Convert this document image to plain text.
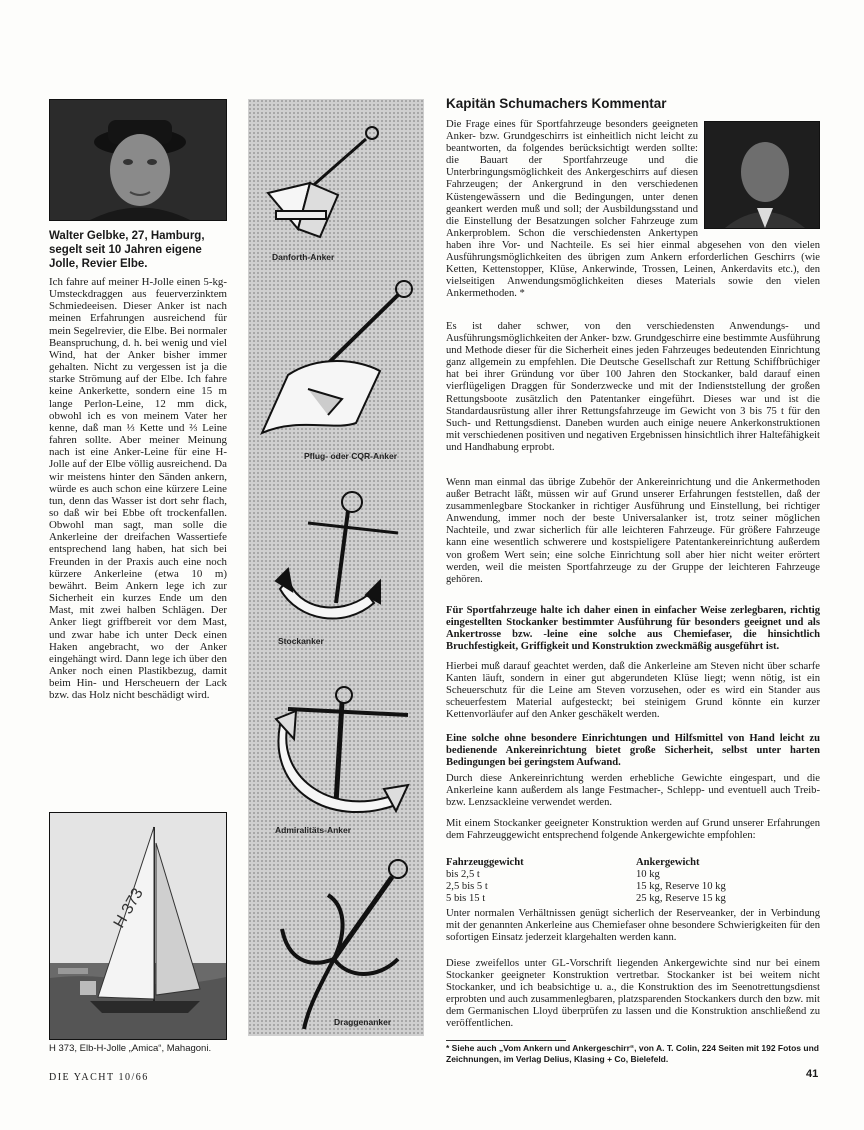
Walter Gelbke, 27, Hamburg, segelt seit 10 Jahren eigene Jolle, Revier Elbe.

Ich fahre auf meiner H-Jolle einen 5-kg-Umsteckdraggen aus feuerverzinktem Schmiedeeisen. Dieser Anker ist nach meinen Erfahrungen ausreichend für mein Segelrevier, die Elbe. Bei normaler Beanspruchung, d. h. bei wenig und viel Wind, hat der Anker bisher immer gehalten. Nicht zu vergessen ist ja die starke Strömung auf der Elbe. Ich fahre keine Ankerkette, sondern eine 15 m lange Perlon-Leine, 12 mm dick, obwohl ich es von meinem Vater her kenne, daß man ⅓ Kette und ⅔ Leine fahren sollte. Aber meiner Meinung nach ist eine Anker-Leine für eine H-Jolle auf der Elbe völlig ausreichend. Da wir meistens hinter den Sänden ankern, würde es auch schon eine kürzere Leine tun, denn das Wasser ist dort sehr flach, so daß wir bei Ebbe oft trockenfallen. Obwohl man sagt, man solle die Ankerleine der dreifachen Wassertiefe entsprechend lang haben, hat sich bei Freunden in der Praxis auch eine noch kürzere Ankerleine (etwa 10 m) bewährt. Beim Ankern lege ich zur Sicherheit ein kurzes Ende um den Mast, mit zwei halben Schlägen. Der Anker liegt griffbereit vor dem Mast, und zwar habe ich unter Deck einen Haken angebracht, wo der Anker eingehängt wird. Dann lege ich über den Anker noch einen Plastikbezug, damit beim Hin- und Herscheuern der Lack bzw. das Holz nicht beschädigt wird.

H 373
H 373, Elb-H-Jolle „Amica“, Mahagoni.
Danforth-Anker
Pflug- oder CQR-Anker
Stockanker
Admiralitäts-Anker
Draggenanker
Kapitän Schumachers Kommentar

Die Frage eines für Sportfahrzeuge besonders geeigneten Anker- bzw. Grundgeschirrs ist einheitlich nicht leicht zu beantworten, da folgendes berücksichtigt werden sollte: die Bauart der Sportfahrzeuge und die Unterbringungsmöglichkeit des Ankergeschirrs auf diesen Fahrzeugen; der Ankergrund in den verschiedenen Küstengewässern und die Bedingungen, unter denen geankert werden muß und soll; der Ausbildungsstand und die Einstellung der Besatzungen solcher Fahrzeuge zum Ankerproblem. Schon die verschiedensten Ankertypen haben ihre Vor- und Nachteile. Es sei hier einmal abgesehen von den vielen Ausführungsmöglichkeiten des übrigen zum Ankern erforderlichen Geschirrs (wie Ketten, Kettenstopper, Klüse, Ankerwinde, Trossen, Leinen, Ankerdavits etc.), den vielseitigen Anwendungsmöglichkeiten dieses Materials sowie den vielen Ankermethoden. *

Es ist daher schwer, von den verschiedensten Anwendungs- und Ausführungsmöglichkeiten der Anker- bzw. Grundgeschirre eine bestimmte Ausführung und Methode dieser für die Sicherheit eines jeden Fahrzeuges bedeutenden Einrichtung ganz allgemein zu empfehlen. Die Deutsche Gesellschaft zur Rettung Schiffbrüchiger hat bei ihrer Gründung vor über 100 Jahren den Stockanker, bald darauf einen vierflügeligen Draggen für Sonderzwecke und mit der Indienststellung der großen Rettungsboote zusätzlich den Patentanker eingeführt. Dieses war und ist die Standardausrüstung aller ihrer Rettungsfahrzeuge im Gewicht von 3 bis 75 t für den Such- und Rettungsdienst. Daneben wurden auch einige neuere Ankerkonstruktionen mit verschiedenen positiven und negativen Ergebnissen hinsichtlich ihrer Haltefähigkeit und Handhabung erprobt.

Wenn man einmal das übrige Zubehör der Ankereinrichtung und die Ankermethoden außer Betracht läßt, müssen wir auf Grund unserer Erfahrungen feststellen, daß der zusammenlegbare Stockanker in richtiger Ausführung und Einstellung, bei richtiger Anwendung, immer noch der beste Universalanker ist, trotz seiner möglichen Nachteile, und zwar sicherlich für alle leichteren Fahrzeuge. Für größere Fahrzeuge kann eine wesentlich schwerere und kostspieligere Patentankereinrichtung außerdem von großem Wert sein; eine solche Einrichtung soll aber hier nicht weiter erörtert werden, weil die meisten Sportfahrzeuge zu der Gruppe der leichteren Fahrzeuge gehören.

Für Sportfahrzeuge halte ich daher einen in einfacher Weise zerlegbaren, richtig eingestellten Stockanker bestimmter Ausführung für besonders geeignet und als Ankertrosse bzw. -leine eine solche aus Chemiefaser, die hinsichtlich Bruchfestigkeit, Griffigkeit und Konstruktion zweckmäßig ausgeführt ist.

Hierbei muß darauf geachtet werden, daß die Ankerleine am Steven nicht über scharfe Kanten läuft, sondern in einer gut abgerundeten Klüse liegt; wenn nötig, ist ein Scheuerschutz für die Leine am Steven vorzusehen, oder es wird ein Stander aus scheuerfestem Material aufgesteckt; bei steinigem Grund könnte ein kurzer Kettenvorläufer auf den Anker geschäkelt werden.

Eine solche ohne besondere Einrichtungen und Hilfsmittel von Hand leicht zu bedienende Ankereinrichtung bietet große Sicherheit, selbst unter harten Bedingungen bei geringstem Aufwand.

Durch diese Ankereinrichtung werden erhebliche Gewichte eingespart, und die Ankerleine kann außerdem als lange Festmacher-, Schlepp- und eventuell auch Treib- bzw. Lenzsackleine verwendet werden.

Mit einem Stockanker geeigneter Konstruktion werden auf Grund unserer Erfahrungen dem Fahrzeuggewicht entsprechend folgende Ankergewichte empfohlen:

Fahrzeuggewicht	Ankergewicht
bis 2,5 t	10 kg
2,5 bis 5 t	15 kg, Reserve 10 kg
5 bis 15 t	25 kg, Reserve 15 kg

Unter normalen Verhältnissen genügt sicherlich der Reserveanker, der in Verbindung mit der genannten Ankerleine aus Chemiefaser ohne besondere Schwierigkeiten für den sofortigen Einsatz jederzeit klargehalten werden kann.

Diese zweifellos unter GL-Vorschrift liegenden Ankergewichte sind nur bei einem Stockanker geeigneter Konstruktion vertretbar. Stockanker ist bei weitem nicht Stockanker, und ich beabsichtige u. a., die Konstruktion des im Seenotrettungsdienst erprobten und auch zusammenlegbaren, platzsparenden Stockankers durch den bzw. mit dem Germanischen Lloyd überprüfen zu lassen und die Konstruktion anschließend zu veröffentlichen.

* Siehe auch „Vom Ankern und Ankergeschirr“, von A. T. Colin, 224 Seiten mit 192 Fotos und Zeichnungen, im Verlag Delius, Klasing + Co, Bielefeld.
DIE YACHT 10/66	41
